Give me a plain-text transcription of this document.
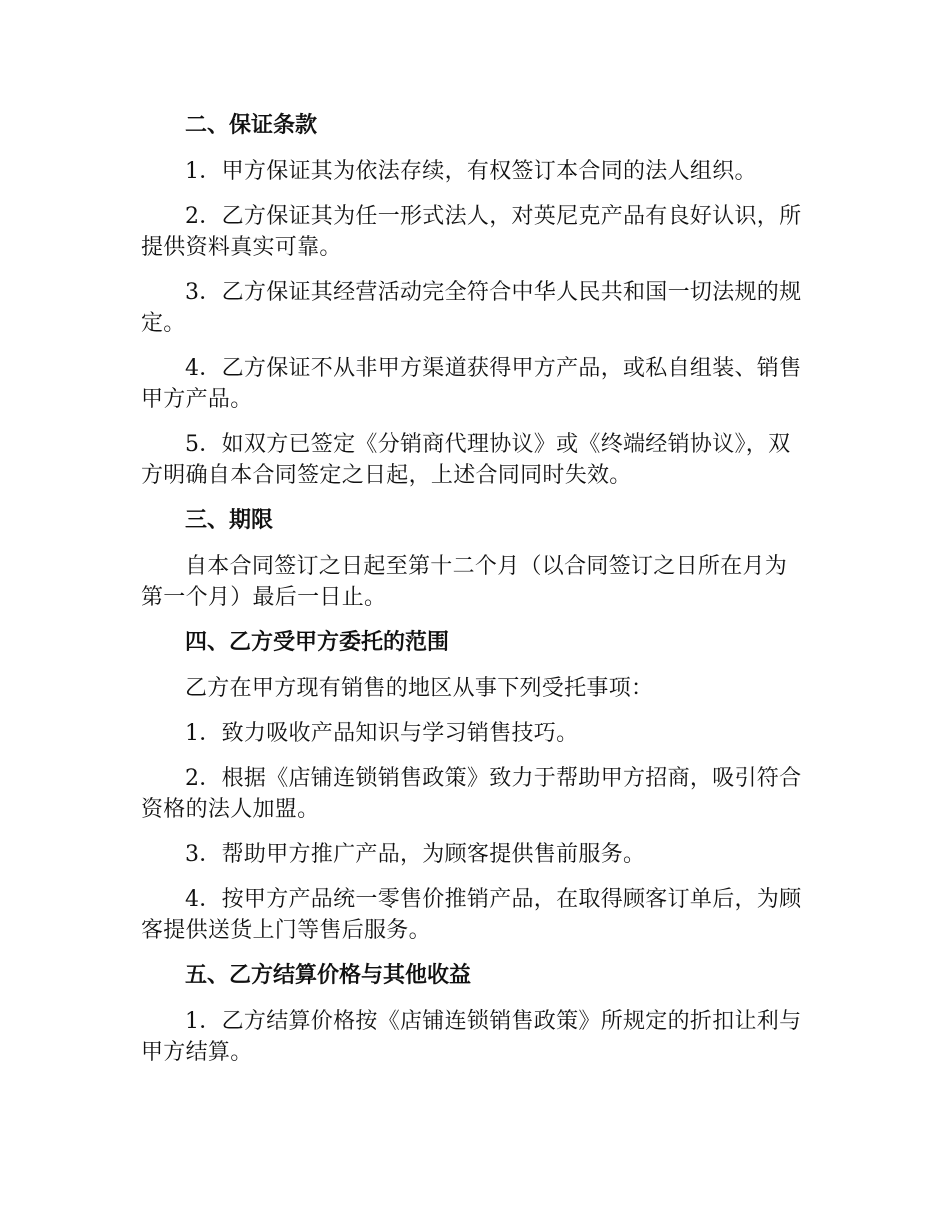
二、保证条款

1．甲方保证其为依法存续，有权签订本合同的法人组织。

2．乙方保证其为任一形式法人，对英尼克产品有良好认识，所提供资料真实可靠。

3．乙方保证其经营活动完全符合中华人民共和国一切法规的规定。

4．乙方保证不从非甲方渠道获得甲方产品，或私自组装、销售甲方产品。

5．如双方已签定《分销商代理协议》或《终端经销协议》，双方明确自本合同签定之日起，上述合同同时失效。

三、期限

自本合同签订之日起至第十二个月（以合同签订之日所在月为第一个月）最后一日止。

四、乙方受甲方委托的范围

乙方在甲方现有销售的地区从事下列受托事项：

1．致力吸收产品知识与学习销售技巧。

2．根据《店铺连锁销售政策》致力于帮助甲方招商，吸引符合资格的法人加盟。

3．帮助甲方推广产品，为顾客提供售前服务。

4．按甲方产品统一零售价推销产品，在取得顾客订单后，为顾客提供送货上门等售后服务。

五、乙方结算价格与其他收益

1．乙方结算价格按《店铺连锁销售政策》所规定的折扣让利与甲方结算。
